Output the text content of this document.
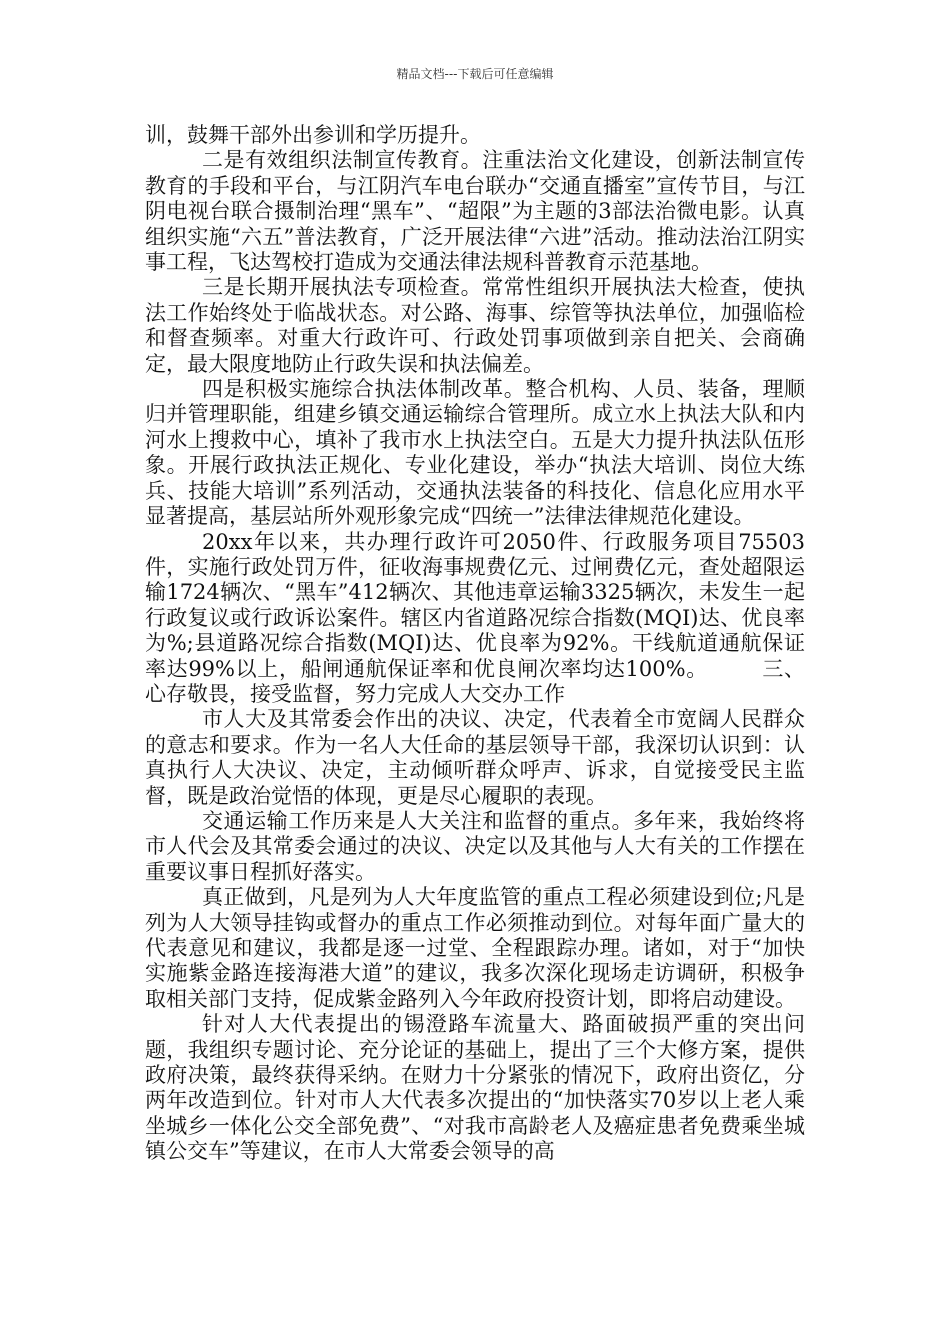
精品文档---下载后可任意编辑

训，鼓舞干部外出参训和学历提升。

二是有效组织法制宣传教育。注重法治文化建设，创新法制宣传教育的手段和平台，与江阴汽车电台联办“交通直播室”宣传节目，与江阴电视台联合摄制治理“黑车”、“超限”为主题的3部法治微电影。认真组织实施“六五”普法教育，广泛开展法律“六进”活动。推动法治江阴实事工程，飞达驾校打造成为交通法律法规科普教育示范基地。

三是长期开展执法专项检查。常常性组织开展执法大检查，使执法工作始终处于临战状态。对公路、海事、综管等执法单位，加强临检和督查频率。对重大行政许可、行政处罚事项做到亲自把关、会商确定，最大限度地防止行政失误和执法偏差。

四是积极实施综合执法体制改革。整合机构、人员、装备，理顺归并管理职能，组建乡镇交通运输综合管理所。成立水上执法大队和内河水上搜救中心，填补了我市水上执法空白。五是大力提升执法队伍形象。开展行政执法正规化、专业化建设，举办“执法大培训、岗位大练兵、技能大培训”系列活动，交通执法装备的科技化、信息化应用水平显著提高，基层站所外观形象完成“四统一”法律法律规范化建设。

20xx年以来，共办理行政许可2050件、行政服务项目75503件，实施行政处罚万件，征收海事规费亿元、过闸费亿元，查处超限运输1724辆次、“黑车”412辆次、其他违章运输3325辆次，未发生一起行政复议或行政诉讼案件。辖区内省道路况综合指数(MQI)达、优良率为%;县道路况综合指数(MQI)达、优良率为92%。干线航道通航保证率达99%以上，船闸通航保证率和优良闸次率均达100%。　　　三、心存敬畏，接受监督，努力完成人大交办工作

市人大及其常委会作出的决议、决定，代表着全市宽阔人民群众的意志和要求。作为一名人大任命的基层领导干部，我深切认识到：认真执行人大决议、决定，主动倾听群众呼声、诉求，自觉接受民主监督，既是政治觉悟的体现，更是尽心履职的表现。

交通运输工作历来是人大关注和监督的重点。多年来，我始终将市人代会及其常委会通过的决议、决定以及其他与人大有关的工作摆在重要议事日程抓好落实。

真正做到，凡是列为人大年度监管的重点工程必须建设到位;凡是列为人大领导挂钩或督办的重点工作必须推动到位。对每年面广量大的代表意见和建议，我都是逐一过堂、全程跟踪办理。诸如，对于“加快实施紫金路连接海港大道”的建议，我多次深化现场走访调研，积极争取相关部门支持，促成紫金路列入今年政府投资计划，即将启动建设。

针对人大代表提出的锡澄路车流量大、路面破损严重的突出问题，我组织专题讨论、充分论证的基础上，提出了三个大修方案，提供政府决策，最终获得采纳。在财力十分紧张的情况下，政府出资亿，分两年改造到位。针对市人大代表多次提出的“加快落实70岁以上老人乘坐城乡一体化公交全部免费”、“对我市高龄老人及癌症患者免费乘坐城镇公交车”等建议，在市人大常委会领导的高
